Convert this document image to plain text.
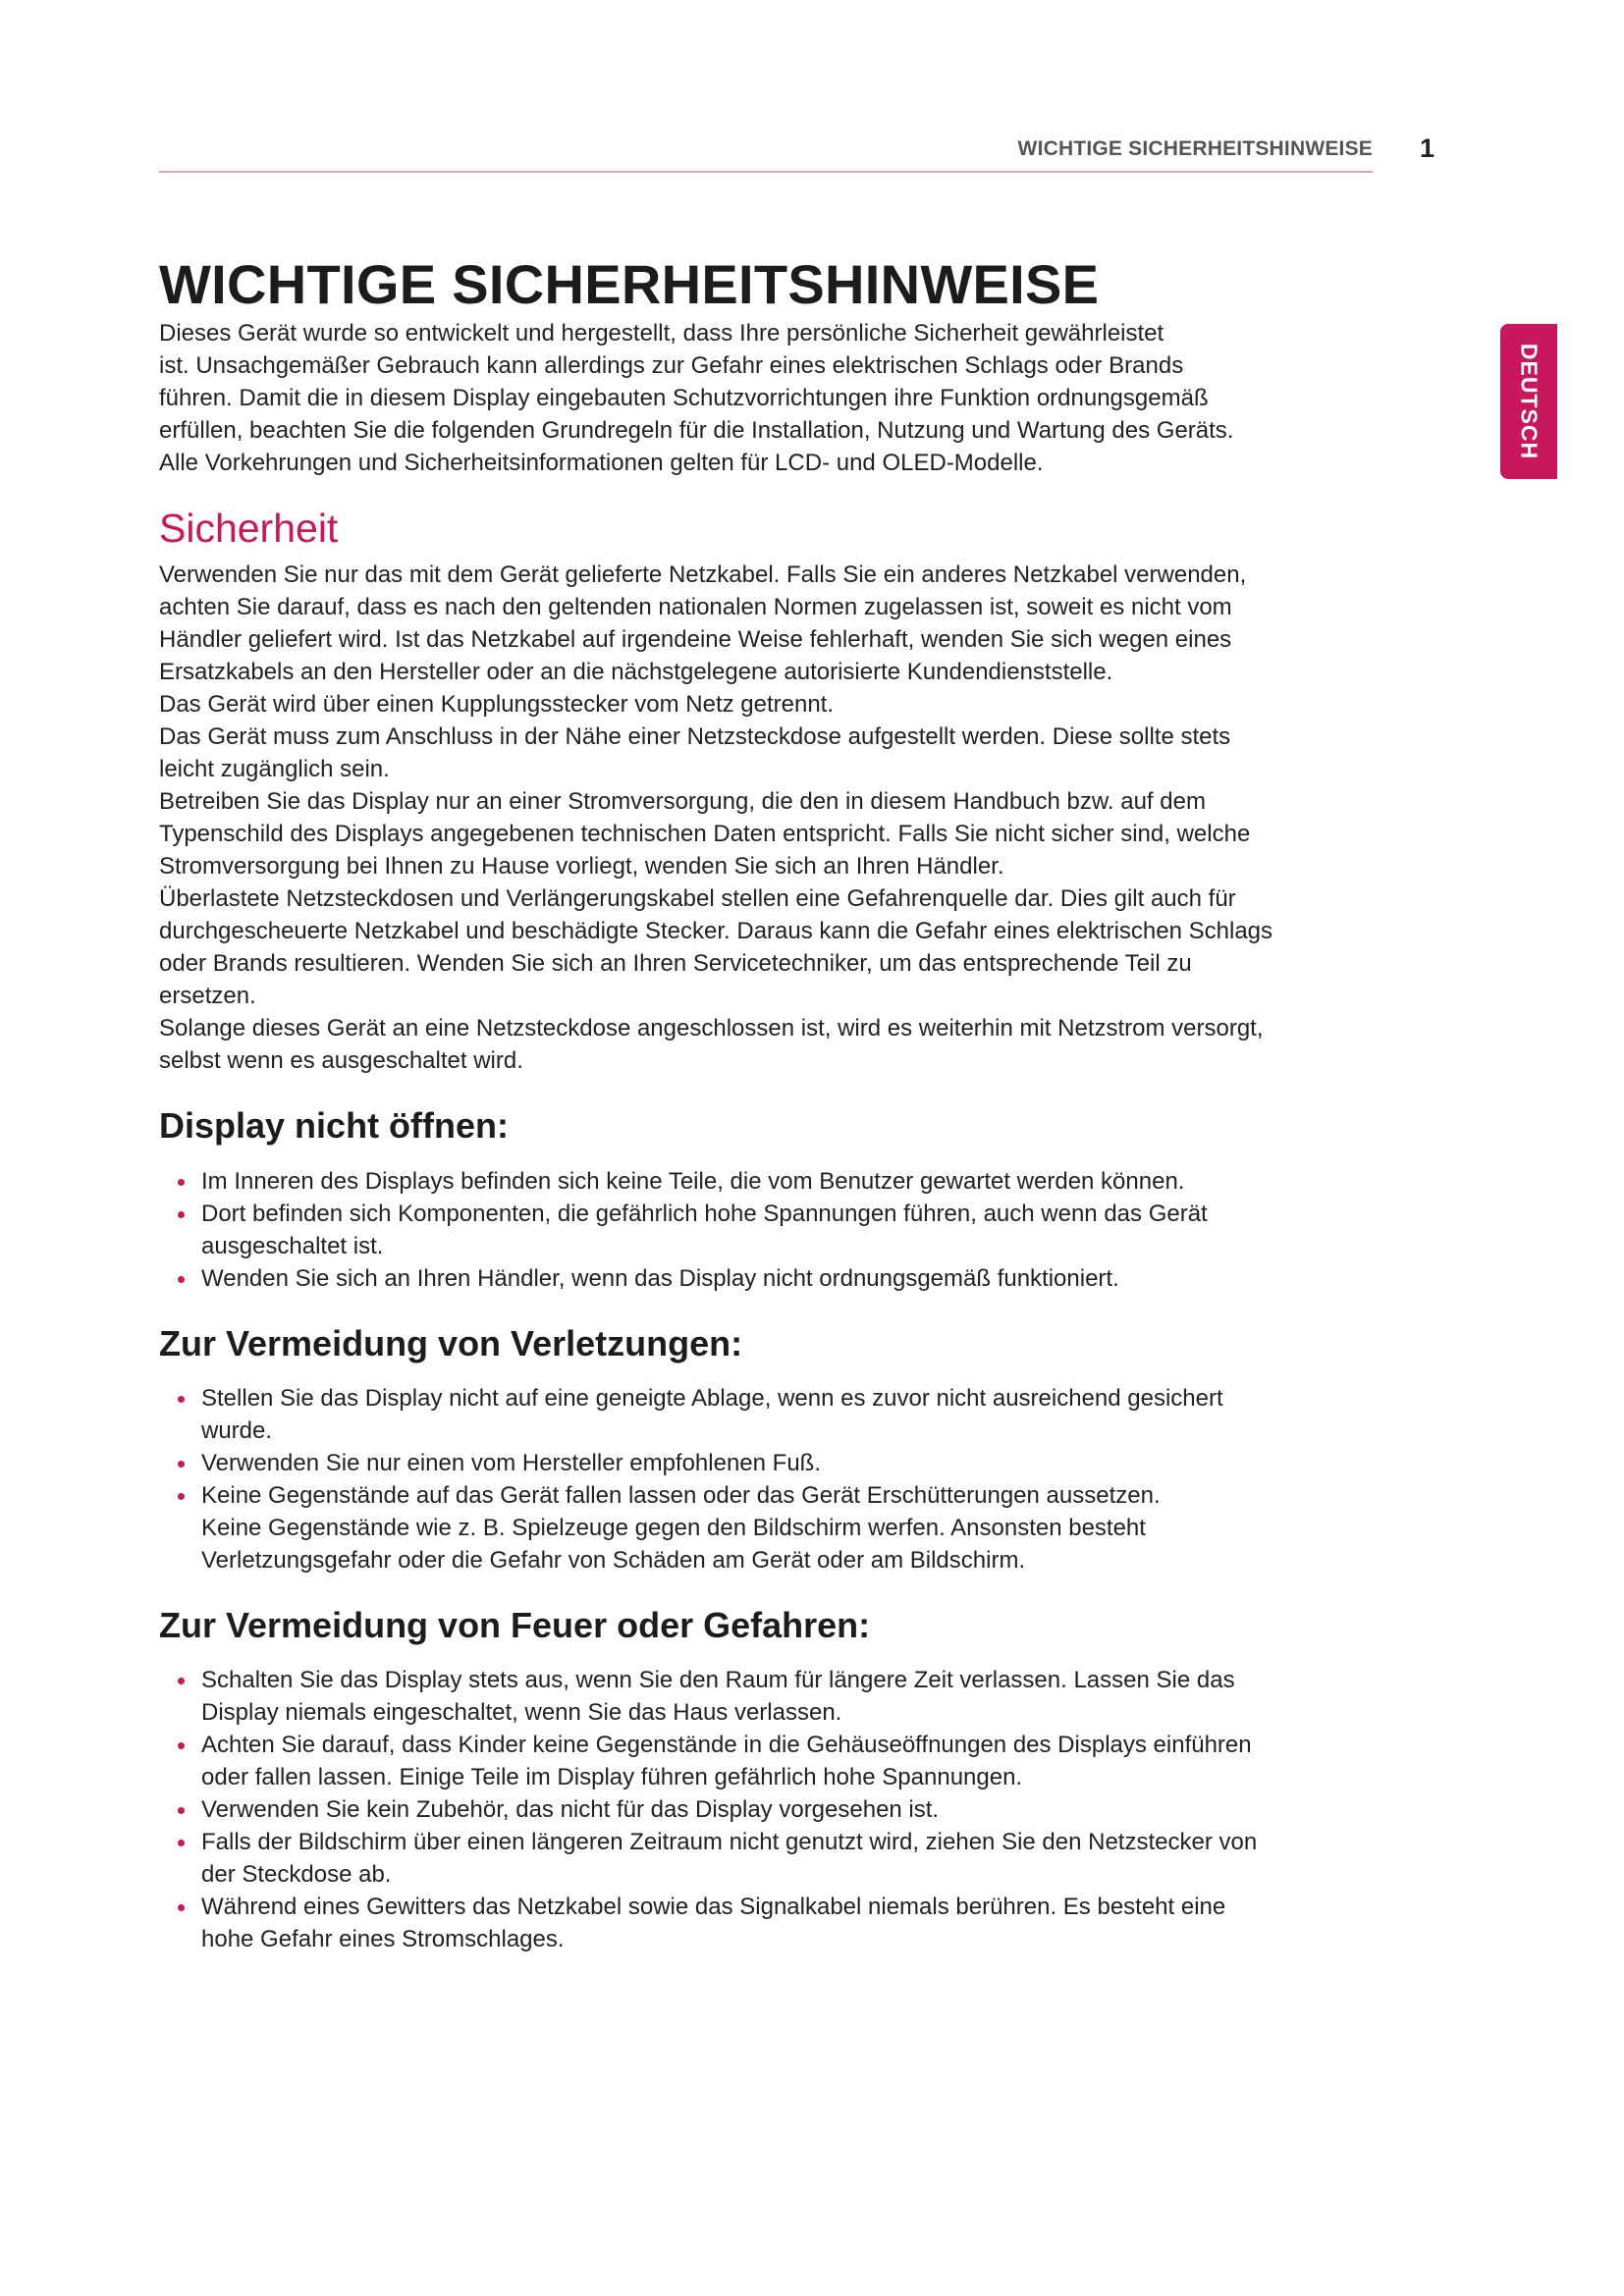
WICHTIGE SICHERHEITSHINWEISE 1
DEUTSCH
WICHTIGE SICHERHEITSHINWEISE

Dieses Gerät wurde so entwickelt und hergestellt, dass Ihre persönliche Sicherheit gewährleistet
ist. Unsachgemäßer Gebrauch kann allerdings zur Gefahr eines elektrischen Schlags oder Brands
führen. Damit die in diesem Display eingebauten Schutzvorrichtungen ihre Funktion ordnungsgemäß
erfüllen, beachten Sie die folgenden Grundregeln für die Installation, Nutzung und Wartung des Geräts.
Alle Vorkehrungen und Sicherheitsinformationen gelten für LCD- und OLED-Modelle.

Sicherheit

Verwenden Sie nur das mit dem Gerät gelieferte Netzkabel. Falls Sie ein anderes Netzkabel verwenden,
achten Sie darauf, dass es nach den geltenden nationalen Normen zugelassen ist, soweit es nicht vom
Händler geliefert wird. Ist das Netzkabel auf irgendeine Weise fehlerhaft, wenden Sie sich wegen eines
Ersatzkabels an den Hersteller oder an die nächstgelegene autorisierte Kundendienststelle.
Das Gerät wird über einen Kupplungsstecker vom Netz getrennt.
Das Gerät muss zum Anschluss in der Nähe einer Netzsteckdose aufgestellt werden. Diese sollte stets
leicht zugänglich sein.
Betreiben Sie das Display nur an einer Stromversorgung, die den in diesem Handbuch bzw. auf dem
Typenschild des Displays angegebenen technischen Daten entspricht. Falls Sie nicht sicher sind, welche
Stromversorgung bei Ihnen zu Hause vorliegt, wenden Sie sich an Ihren Händler.
Überlastete Netzsteckdosen und Verlängerungskabel stellen eine Gefahrenquelle dar. Dies gilt auch für
durchgescheuerte Netzkabel und beschädigte Stecker. Daraus kann die Gefahr eines elektrischen Schlags
oder Brands resultieren. Wenden Sie sich an Ihren Servicetechniker, um das entsprechende Teil zu
ersetzen.
Solange dieses Gerät an eine Netzsteckdose angeschlossen ist, wird es weiterhin mit Netzstrom versorgt,
selbst wenn es ausgeschaltet wird.

Display nicht öffnen:
Im Inneren des Displays befinden sich keine Teile, die vom Benutzer gewartet werden können.
Dort befinden sich Komponenten, die gefährlich hohe Spannungen führen, auch wenn das Gerät
ausgeschaltet ist.
Wenden Sie sich an Ihren Händler, wenn das Display nicht ordnungsgemäß funktioniert.
Zur Vermeidung von Verletzungen:
Stellen Sie das Display nicht auf eine geneigte Ablage, wenn es zuvor nicht ausreichend gesichert
wurde.
Verwenden Sie nur einen vom Hersteller empfohlenen Fuß.
Keine Gegenstände auf das Gerät fallen lassen oder das Gerät Erschütterungen aussetzen.
Keine Gegenstände wie z. B. Spielzeuge gegen den Bildschirm werfen. Ansonsten besteht
Verletzungsgefahr oder die Gefahr von Schäden am Gerät oder am Bildschirm.
Zur Vermeidung von Feuer oder Gefahren:
Schalten Sie das Display stets aus, wenn Sie den Raum für längere Zeit verlassen. Lassen Sie das
Display niemals eingeschaltet, wenn Sie das Haus verlassen.
Achten Sie darauf, dass Kinder keine Gegenstände in die Gehäuseöffnungen des Displays einführen
oder fallen lassen. Einige Teile im Display führen gefährlich hohe Spannungen.
Verwenden Sie kein Zubehör, das nicht für das Display vorgesehen ist.
Falls der Bildschirm über einen längeren Zeitraum nicht genutzt wird, ziehen Sie den Netzstecker von
der Steckdose ab.
Während eines Gewitters das Netzkabel sowie das Signalkabel niemals berühren. Es besteht eine
hohe Gefahr eines Stromschlages.
